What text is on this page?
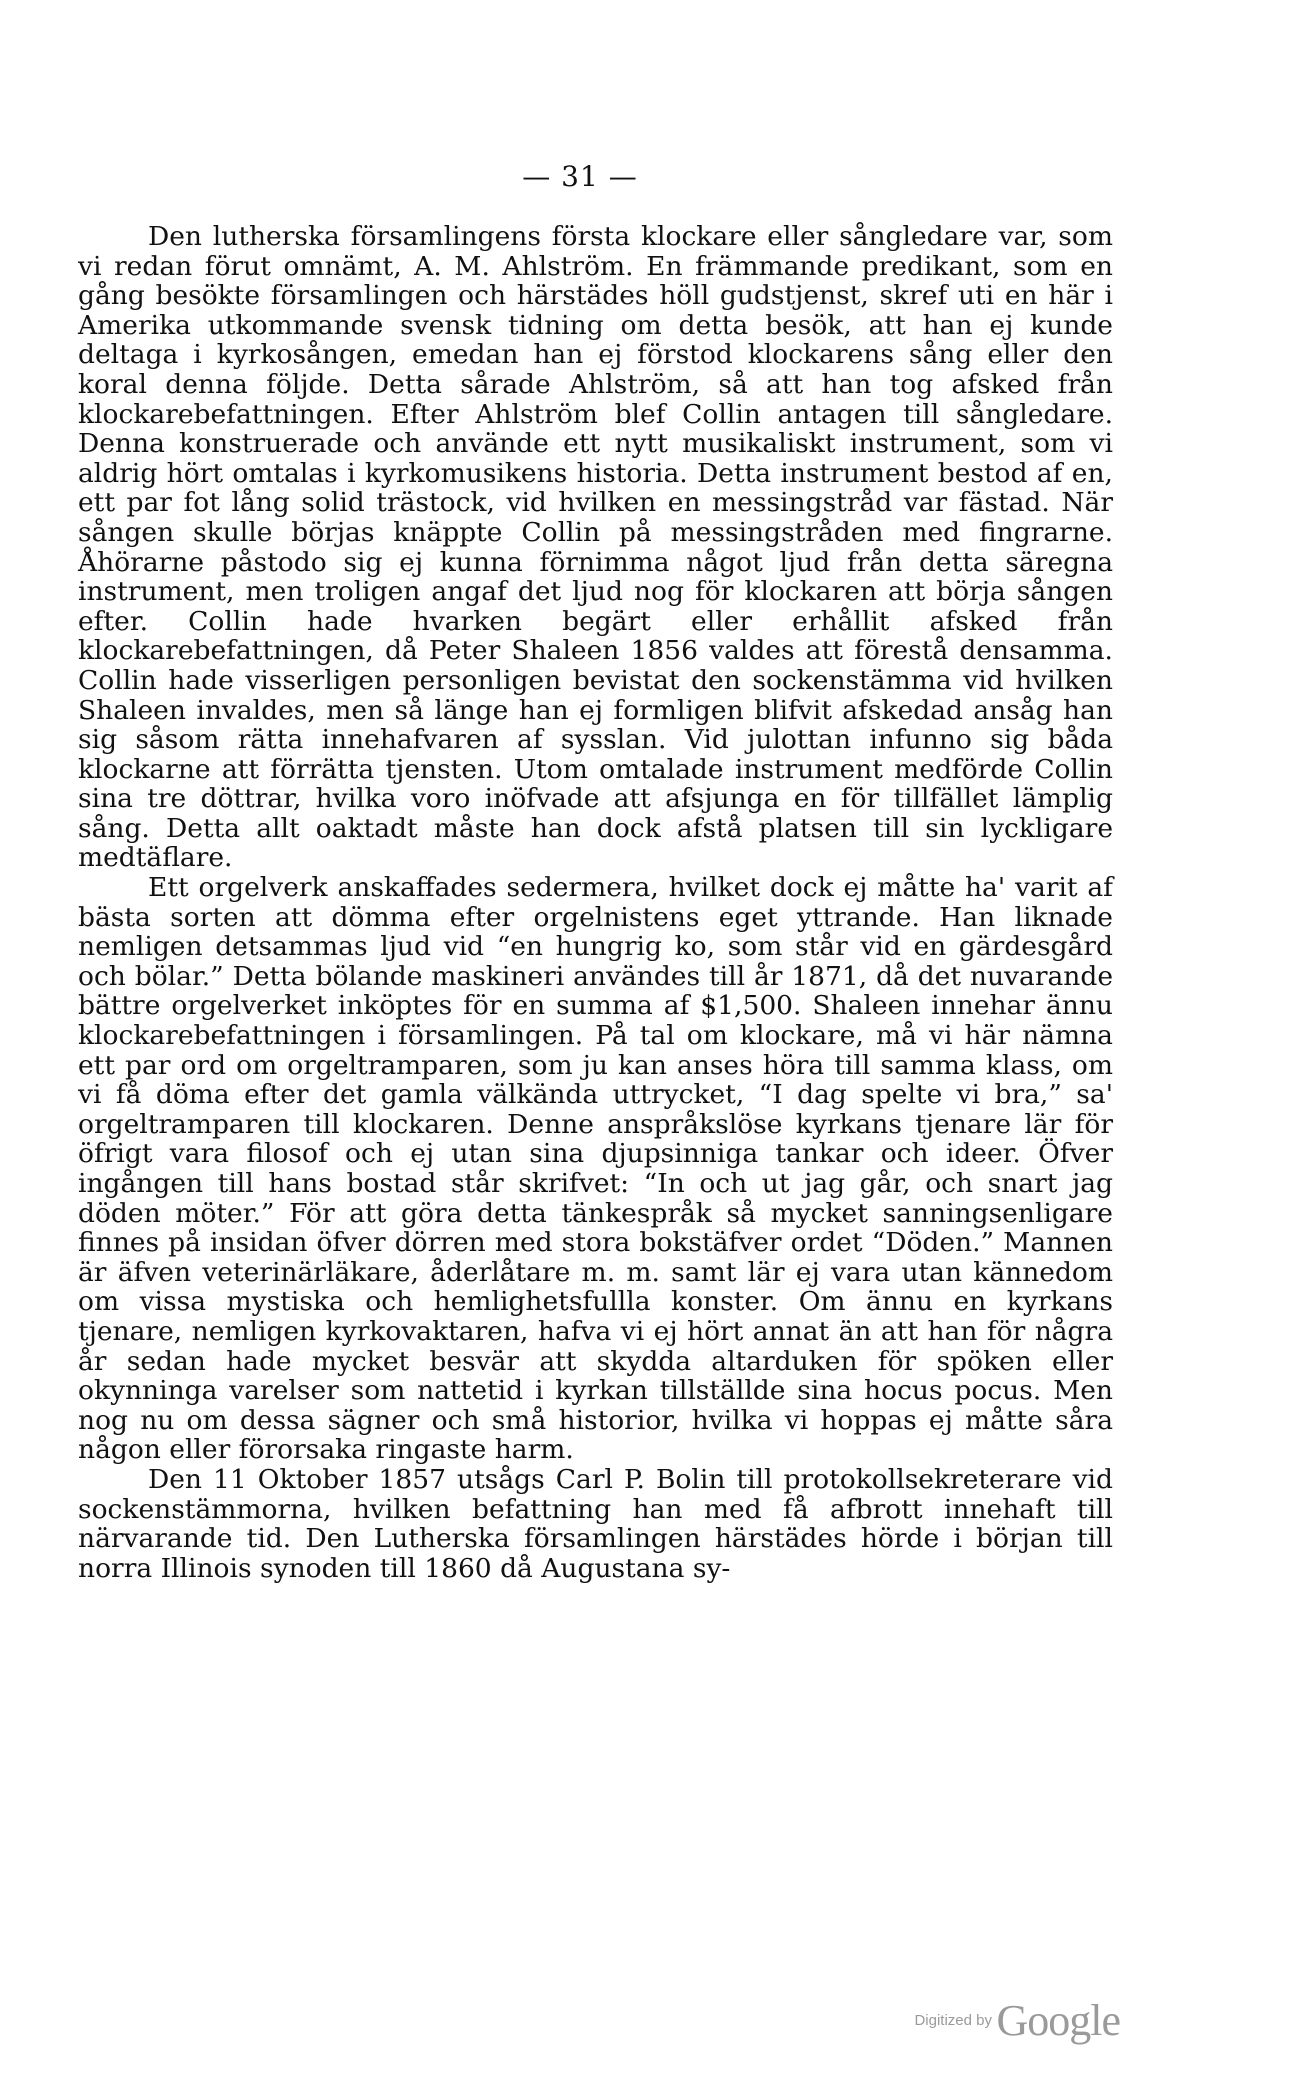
— 31 —

Den lutherska församlingens första klockare eller sångledare var, som vi redan förut omnämt, A. M. Ahlström. En främmande predikant, som en gång besökte församlingen och härstädes höll gudstjenst, skref uti en här i Amerika utkommande svensk tidning om detta besök, att han ej kunde deltaga i kyrkosången, emedan han ej förstod klockarens sång eller den koral denna följde. Detta sårade Ahlström, så att han tog afsked från klockarebefattningen. Efter Ahlström blef Collin antagen till sångledare. Denna konstruerade och använde ett nytt musikaliskt instrument, som vi aldrig hört omtalas i kyrkomusikens historia. Detta instrument bestod af en, ett par fot lång solid trästock, vid hvilken en messingstråd var fästad. När sången skulle börjas knäppte Collin på messingstråden med fingrarne. Åhörarne påstodo sig ej kunna förnimma något ljud från detta säregna instrument, men troligen angaf det ljud nog för klockaren att börja sången efter. Collin hade hvarken begärt eller erhållit afsked från klockarebefattningen, då Peter Shaleen 1856 valdes att förestå densamma. Collin hade visserligen personligen bevistat den sockenstämma vid hvilken Shaleen invaldes, men så länge han ej formligen blifvit afskedad ansåg han sig såsom rätta innehafvaren af sysslan. Vid julottan infunno sig båda klockarne att förrätta tjensten. Utom omtalade instrument medförde Collin sina tre döttrar, hvilka voro inöfvade att afsjunga en för tillfället lämplig sång. Detta allt oaktadt måste han dock afstå platsen till sin lyckligare medtäflare.

Ett orgelverk anskaffades sedermera, hvilket dock ej måtte ha' varit af bästa sorten att dömma efter orgelnistens eget yttrande. Han liknade nemligen detsammas ljud vid “en hungrig ko, som står vid en gärdesgård och bölar.” Detta bölande maskineri användes till år 1871, då det nuvarande bättre orgelverket inköptes för en summa af $1,500. Shaleen innehar ännu klockarebefattningen i församlingen. På tal om klockare, må vi här nämna ett par ord om orgeltramparen, som ju kan anses höra till samma klass, om vi få döma efter det gamla välkända uttrycket, “I dag spelte vi bra,” sa' orgeltramparen till klockaren. Denne anspråkslöse kyrkans tjenare lär för öfrigt vara filosof och ej utan sina djupsinniga tankar och ideer. Öfver ingången till hans bostad står skrifvet: “In och ut jag går, och snart jag döden möter.” För att göra detta tänkespråk så mycket sanningsenligare finnes på insidan öfver dörren med stora bokstäfver ordet “Döden.” Mannen är äfven veterinärläkare, åderlåtare m. m. samt lär ej vara utan kännedom om vissa mystiska och hemlighetsfullla konster. Om ännu en kyrkans tjenare, nemligen kyrkovaktaren, hafva vi ej hört annat än att han för några år sedan hade mycket besvär att skydda altarduken för spöken eller okynninga varelser som nattetid i kyrkan tillställde sina hocus pocus. Men nog nu om dessa sägner och små historior, hvilka vi hoppas ej måtte såra någon eller förorsaka ringaste harm.

Den 11 Oktober 1857 utsågs Carl P. Bolin till protokollsekreterare vid sockenstämmorna, hvilken befattning han med få afbrott innehaft till närvarande tid. Den Lutherska församlingen härstädes hörde i början till norra Illinois synoden till 1860 då Augustana sy-

Digitized by Google
